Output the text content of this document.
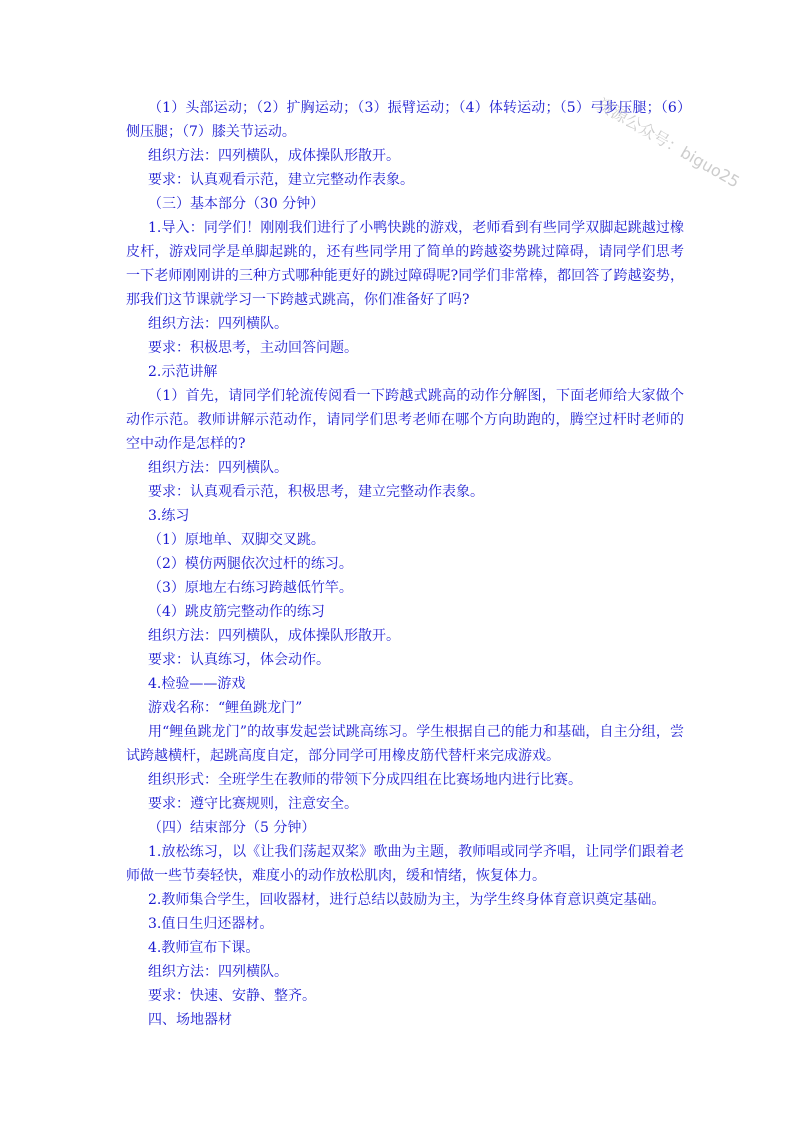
资源公众号：biguo25
（1）头部运动；（2）扩胸运动；（3）振臂运动；（4）体转运动；（5）弓步压腿；（6）侧压腿；（7）膝关节运动。
组织方法：四列横队，成体操队形散开。
要求：认真观看示范，建立完整动作表象。
（三）基本部分（30 分钟）
1.导入：同学们！刚刚我们进行了小鸭快跳的游戏，老师看到有些同学双脚起跳越过橡皮杆，游戏同学是单脚起跳的，还有些同学用了简单的跨越姿势跳过障碍，请同学们思考一下老师刚刚讲的三种方式哪种能更好的跳过障碍呢?同学们非常棒，都回答了跨越姿势，那我们这节课就学习一下跨越式跳高，你们准备好了吗?
组织方法：四列横队。
要求：积极思考，主动回答问题。
2.示范讲解
（1）首先，请同学们轮流传阅看一下跨越式跳高的动作分解图，下面老师给大家做个动作示范。教师讲解示范动作，请同学们思考老师在哪个方向助跑的，腾空过杆时老师的空中动作是怎样的?
组织方法：四列横队。
要求：认真观看示范，积极思考，建立完整动作表象。
3.练习
（1）原地单、双脚交叉跳。
（2）模仿两腿依次过杆的练习。
（3）原地左右练习跨越低竹竿。
（4）跳皮筋完整动作的练习
组织方法：四列横队，成体操队形散开。
要求：认真练习，体会动作。
4.检验——游戏
游戏名称：“鲤鱼跳龙门”
用“鲤鱼跳龙门”的故事发起尝试跳高练习。学生根据自己的能力和基础，自主分组，尝试跨越横杆，起跳高度自定，部分同学可用橡皮筋代替杆来完成游戏。
组织形式：全班学生在教师的带领下分成四组在比赛场地内进行比赛。
要求：遵守比赛规则，注意安全。
（四）结束部分（5 分钟）
1.放松练习，以《让我们荡起双桨》歌曲为主题，教师唱或同学齐唱，让同学们跟着老师做一些节奏轻快，难度小的动作放松肌肉，缓和情绪，恢复体力。
2.教师集合学生，回收器材，进行总结以鼓励为主，为学生终身体育意识奠定基础。
3.值日生归还器材。
4.教师宣布下课。
组织方法：四列横队。
要求：快速、安静、整齐。
四、场地器材
